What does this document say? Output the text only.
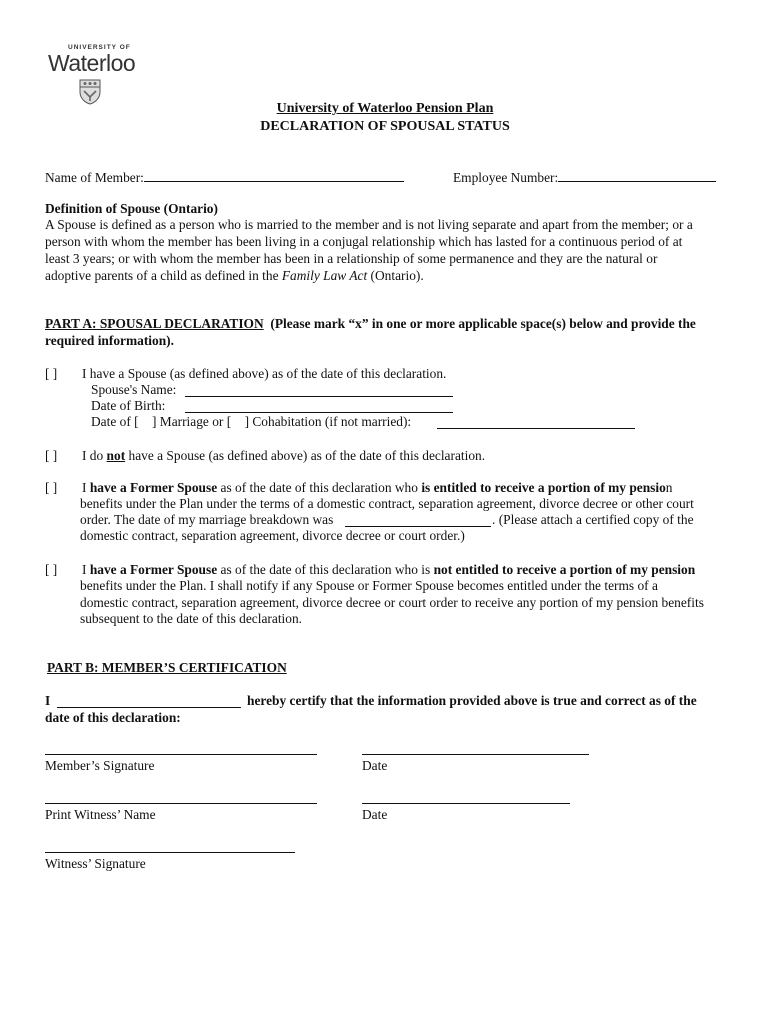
UNIVERSITY OF
Waterloo
University of Waterloo Pension Plan
DECLARATION OF SPOUSAL STATUS
Name of Member:	Employee Number:
Definition of Spouse (Ontario)
A Spouse is defined as a person who is married to the member and is not living separate and apart from the member; or a
person with whom the member has been living in a conjugal relationship which has lasted for a continuous period of at
least 3 years; or with whom the member has been in a relationship of some permanence and they are the natural or
adoptive parents of a child as defined in the Family Law Act (Ontario).
PART A: SPOUSAL DECLARATION (Please mark “x” in one or more applicable space(s) below and provide the
required information).
[ ] I have a Spouse (as defined above) as of the date of this declaration.
Spouse's Name:
Date of Birth:
Date of [ ] Marriage or [ ] Cohabitation (if not married):
[ ] I do not have a Spouse (as defined above) as of the date of this declaration.
[ ] I have a Former Spouse as of the date of this declaration who is entitled to receive a portion of my pension
benefits under the Plan under the terms of a domestic contract, separation agreement, divorce decree or other court
order. The date of my marriage breakdown was	. (Please attach a certified copy of the
domestic contract, separation agreement, divorce decree or court order.)
[ ] I have a Former Spouse as of the date of this declaration who is not entitled to receive a portion of my pension
benefits under the Plan. I shall notify if any Spouse or Former Spouse becomes entitled under the terms of a
domestic contract, separation agreement, divorce decree or court order to receive any portion of my pension benefits
subsequent to the date of this declaration.
PART B: MEMBER’S CERTIFICATION
I	hereby certify that the information provided above is true and correct as of the
date of this declaration:
Member’s Signature	Date
Print Witness’ Name	Date
Witness’ Signature
